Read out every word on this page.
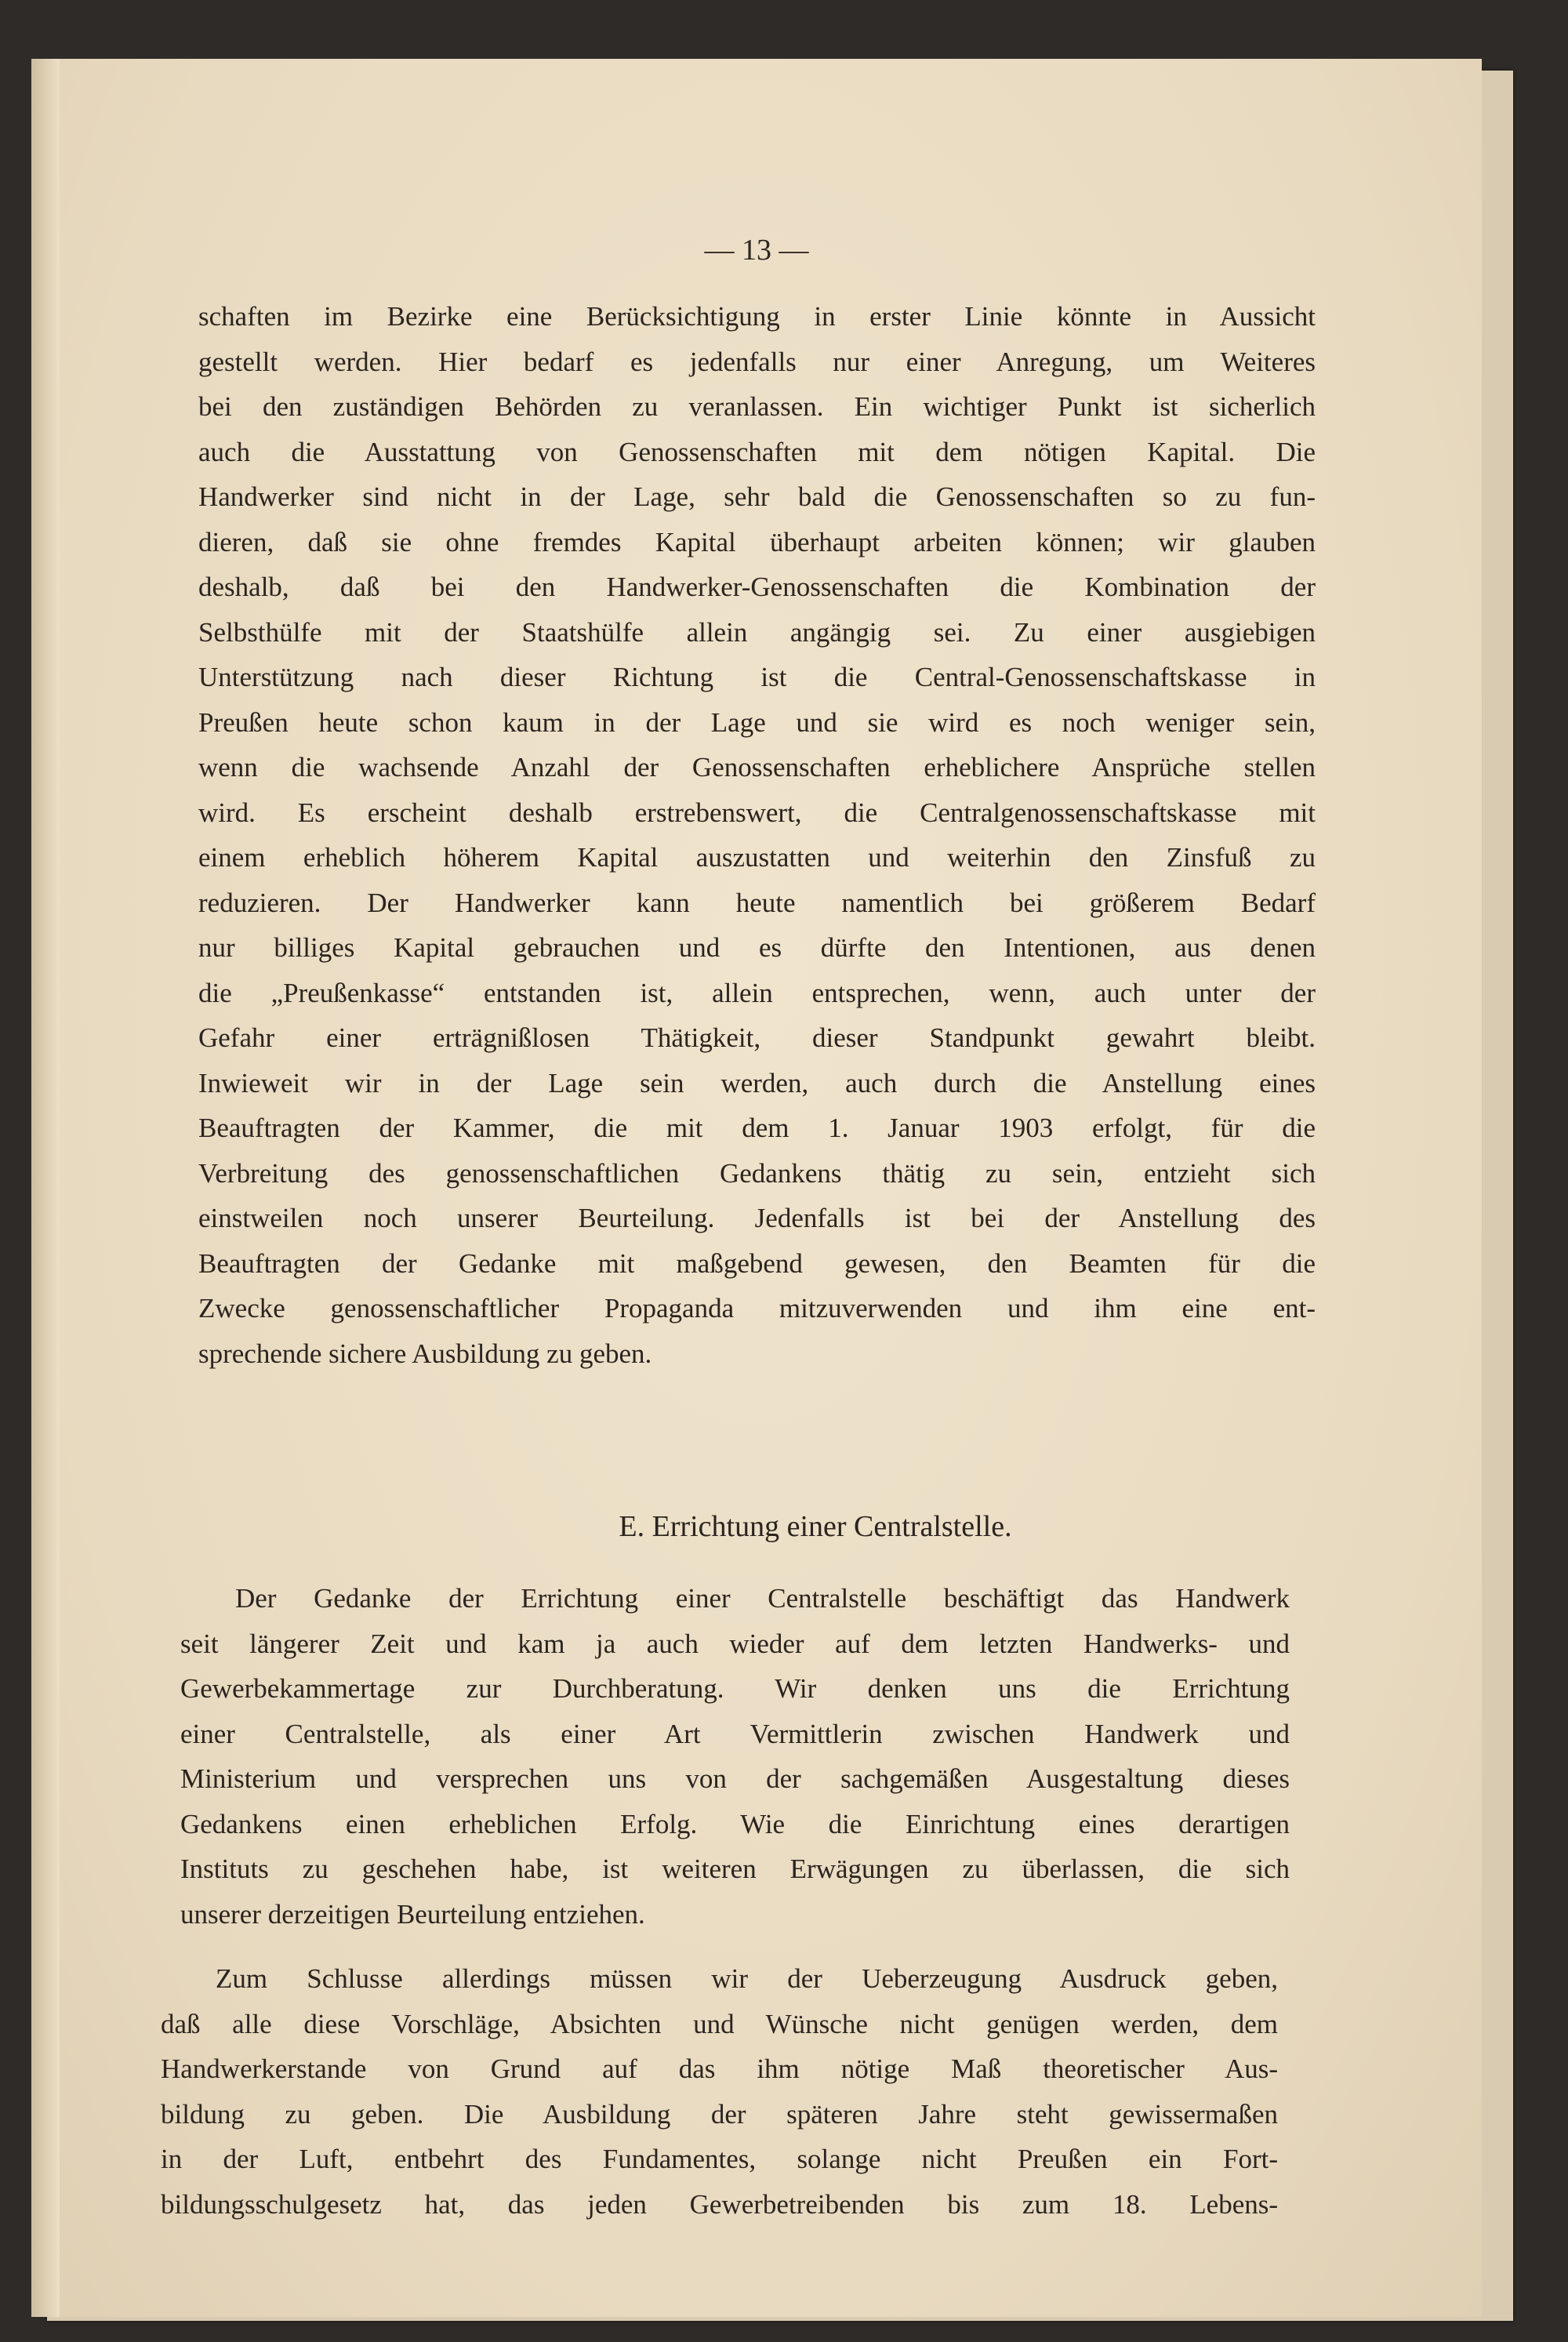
— 13 —
schaften im Bezirke eine Berücksichtigung in erster Linie könnte in Aussicht
gestellt werden. Hier bedarf es jedenfalls nur einer Anregung, um Weiteres
bei den zuständigen Behörden zu veranlassen. Ein wichtiger Punkt ist sicherlich
auch die Ausstattung von Genossenschaften mit dem nötigen Kapital. Die
Handwerker sind nicht in der Lage, sehr bald die Genossenschaften so zu fun-
dieren, daß sie ohne fremdes Kapital überhaupt arbeiten können; wir glauben
deshalb, daß bei den Handwerker-Genossenschaften die Kombination der
Selbsthülfe mit der Staatshülfe allein angängig sei. Zu einer ausgiebigen
Unterstützung nach dieser Richtung ist die Central-Genossenschaftskasse in
Preußen heute schon kaum in der Lage und sie wird es noch weniger sein,
wenn die wachsende Anzahl der Genossenschaften erheblichere Ansprüche stellen
wird. Es erscheint deshalb erstrebenswert, die Centralgenossenschaftskasse mit
einem erheblich höherem Kapital auszustatten und weiterhin den Zinsfuß zu
reduzieren. Der Handwerker kann heute namentlich bei größerem Bedarf
nur billiges Kapital gebrauchen und es dürfte den Intentionen, aus denen
die „Preußenkasse“ entstanden ist, allein entsprechen, wenn, auch unter der
Gefahr einer erträgnißlosen Thätigkeit, dieser Standpunkt gewahrt bleibt.
Inwieweit wir in der Lage sein werden, auch durch die Anstellung eines
Beauftragten der Kammer, die mit dem 1. Januar 1903 erfolgt, für die
Verbreitung des genossenschaftlichen Gedankens thätig zu sein, entzieht sich
einstweilen noch unserer Beurteilung. Jedenfalls ist bei der Anstellung des
Beauftragten der Gedanke mit maßgebend gewesen, den Beamten für die
Zwecke genossenschaftlicher Propaganda mitzuverwenden und ihm eine ent-
sprechende sichere Ausbildung zu geben.
E. Errichtung einer Centralstelle.
Der Gedanke der Errichtung einer Centralstelle beschäftigt das Handwerk
seit längerer Zeit und kam ja auch wieder auf dem letzten Handwerks- und
Gewerbekammertage zur Durchberatung. Wir denken uns die Errichtung
einer Centralstelle, als einer Art Vermittlerin zwischen Handwerk und
Ministerium und versprechen uns von der sachgemäßen Ausgestaltung dieses
Gedankens einen erheblichen Erfolg. Wie die Einrichtung eines derartigen
Instituts zu geschehen habe, ist weiteren Erwägungen zu überlassen, die sich
unserer derzeitigen Beurteilung entziehen.
Zum Schlusse allerdings müssen wir der Ueberzeugung Ausdruck geben,
daß alle diese Vorschläge, Absichten und Wünsche nicht genügen werden, dem
Handwerkerstande von Grund auf das ihm nötige Maß theoretischer Aus-
bildung zu geben. Die Ausbildung der späteren Jahre steht gewissermaßen
in der Luft, entbehrt des Fundamentes, solange nicht Preußen ein Fort-
bildungsschulgesetz hat, das jeden Gewerbetreibenden bis zum 18. Lebens-
